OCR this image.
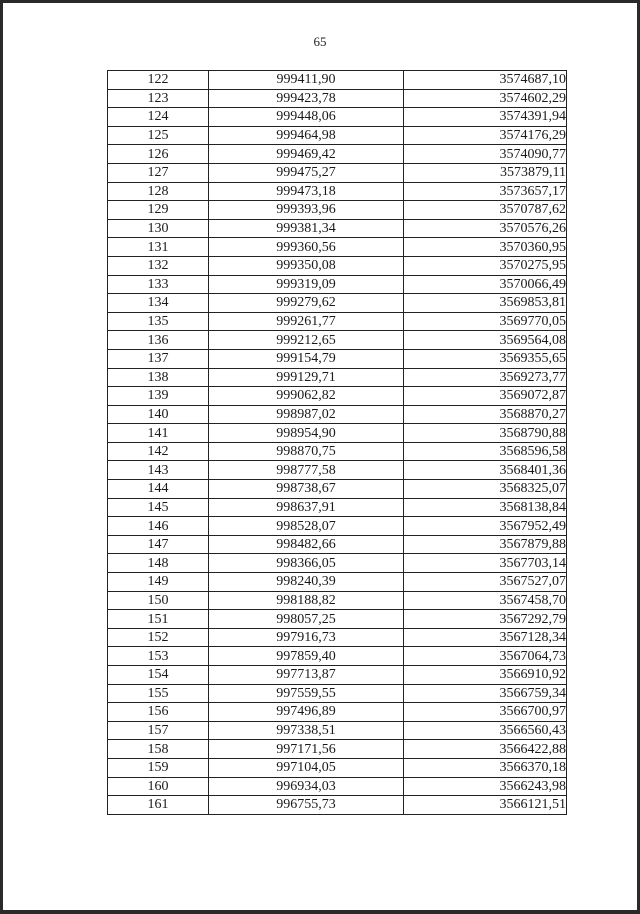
65
122	999411,90	3574687,10
123	999423,78	3574602,29
124	999448,06	3574391,94
125	999464,98	3574176,29
126	999469,42	3574090,77
127	999475,27	3573879,11
128	999473,18	3573657,17
129	999393,96	3570787,62
130	999381,34	3570576,26
131	999360,56	3570360,95
132	999350,08	3570275,95
133	999319,09	3570066,49
134	999279,62	3569853,81
135	999261,77	3569770,05
136	999212,65	3569564,08
137	999154,79	3569355,65
138	999129,71	3569273,77
139	999062,82	3569072,87
140	998987,02	3568870,27
141	998954,90	3568790,88
142	998870,75	3568596,58
143	998777,58	3568401,36
144	998738,67	3568325,07
145	998637,91	3568138,84
146	998528,07	3567952,49
147	998482,66	3567879,88
148	998366,05	3567703,14
149	998240,39	3567527,07
150	998188,82	3567458,70
151	998057,25	3567292,79
152	997916,73	3567128,34
153	997859,40	3567064,73
154	997713,87	3566910,92
155	997559,55	3566759,34
156	997496,89	3566700,97
157	997338,51	3566560,43
158	997171,56	3566422,88
159	997104,05	3566370,18
160	996934,03	3566243,98
161	996755,73	3566121,51
